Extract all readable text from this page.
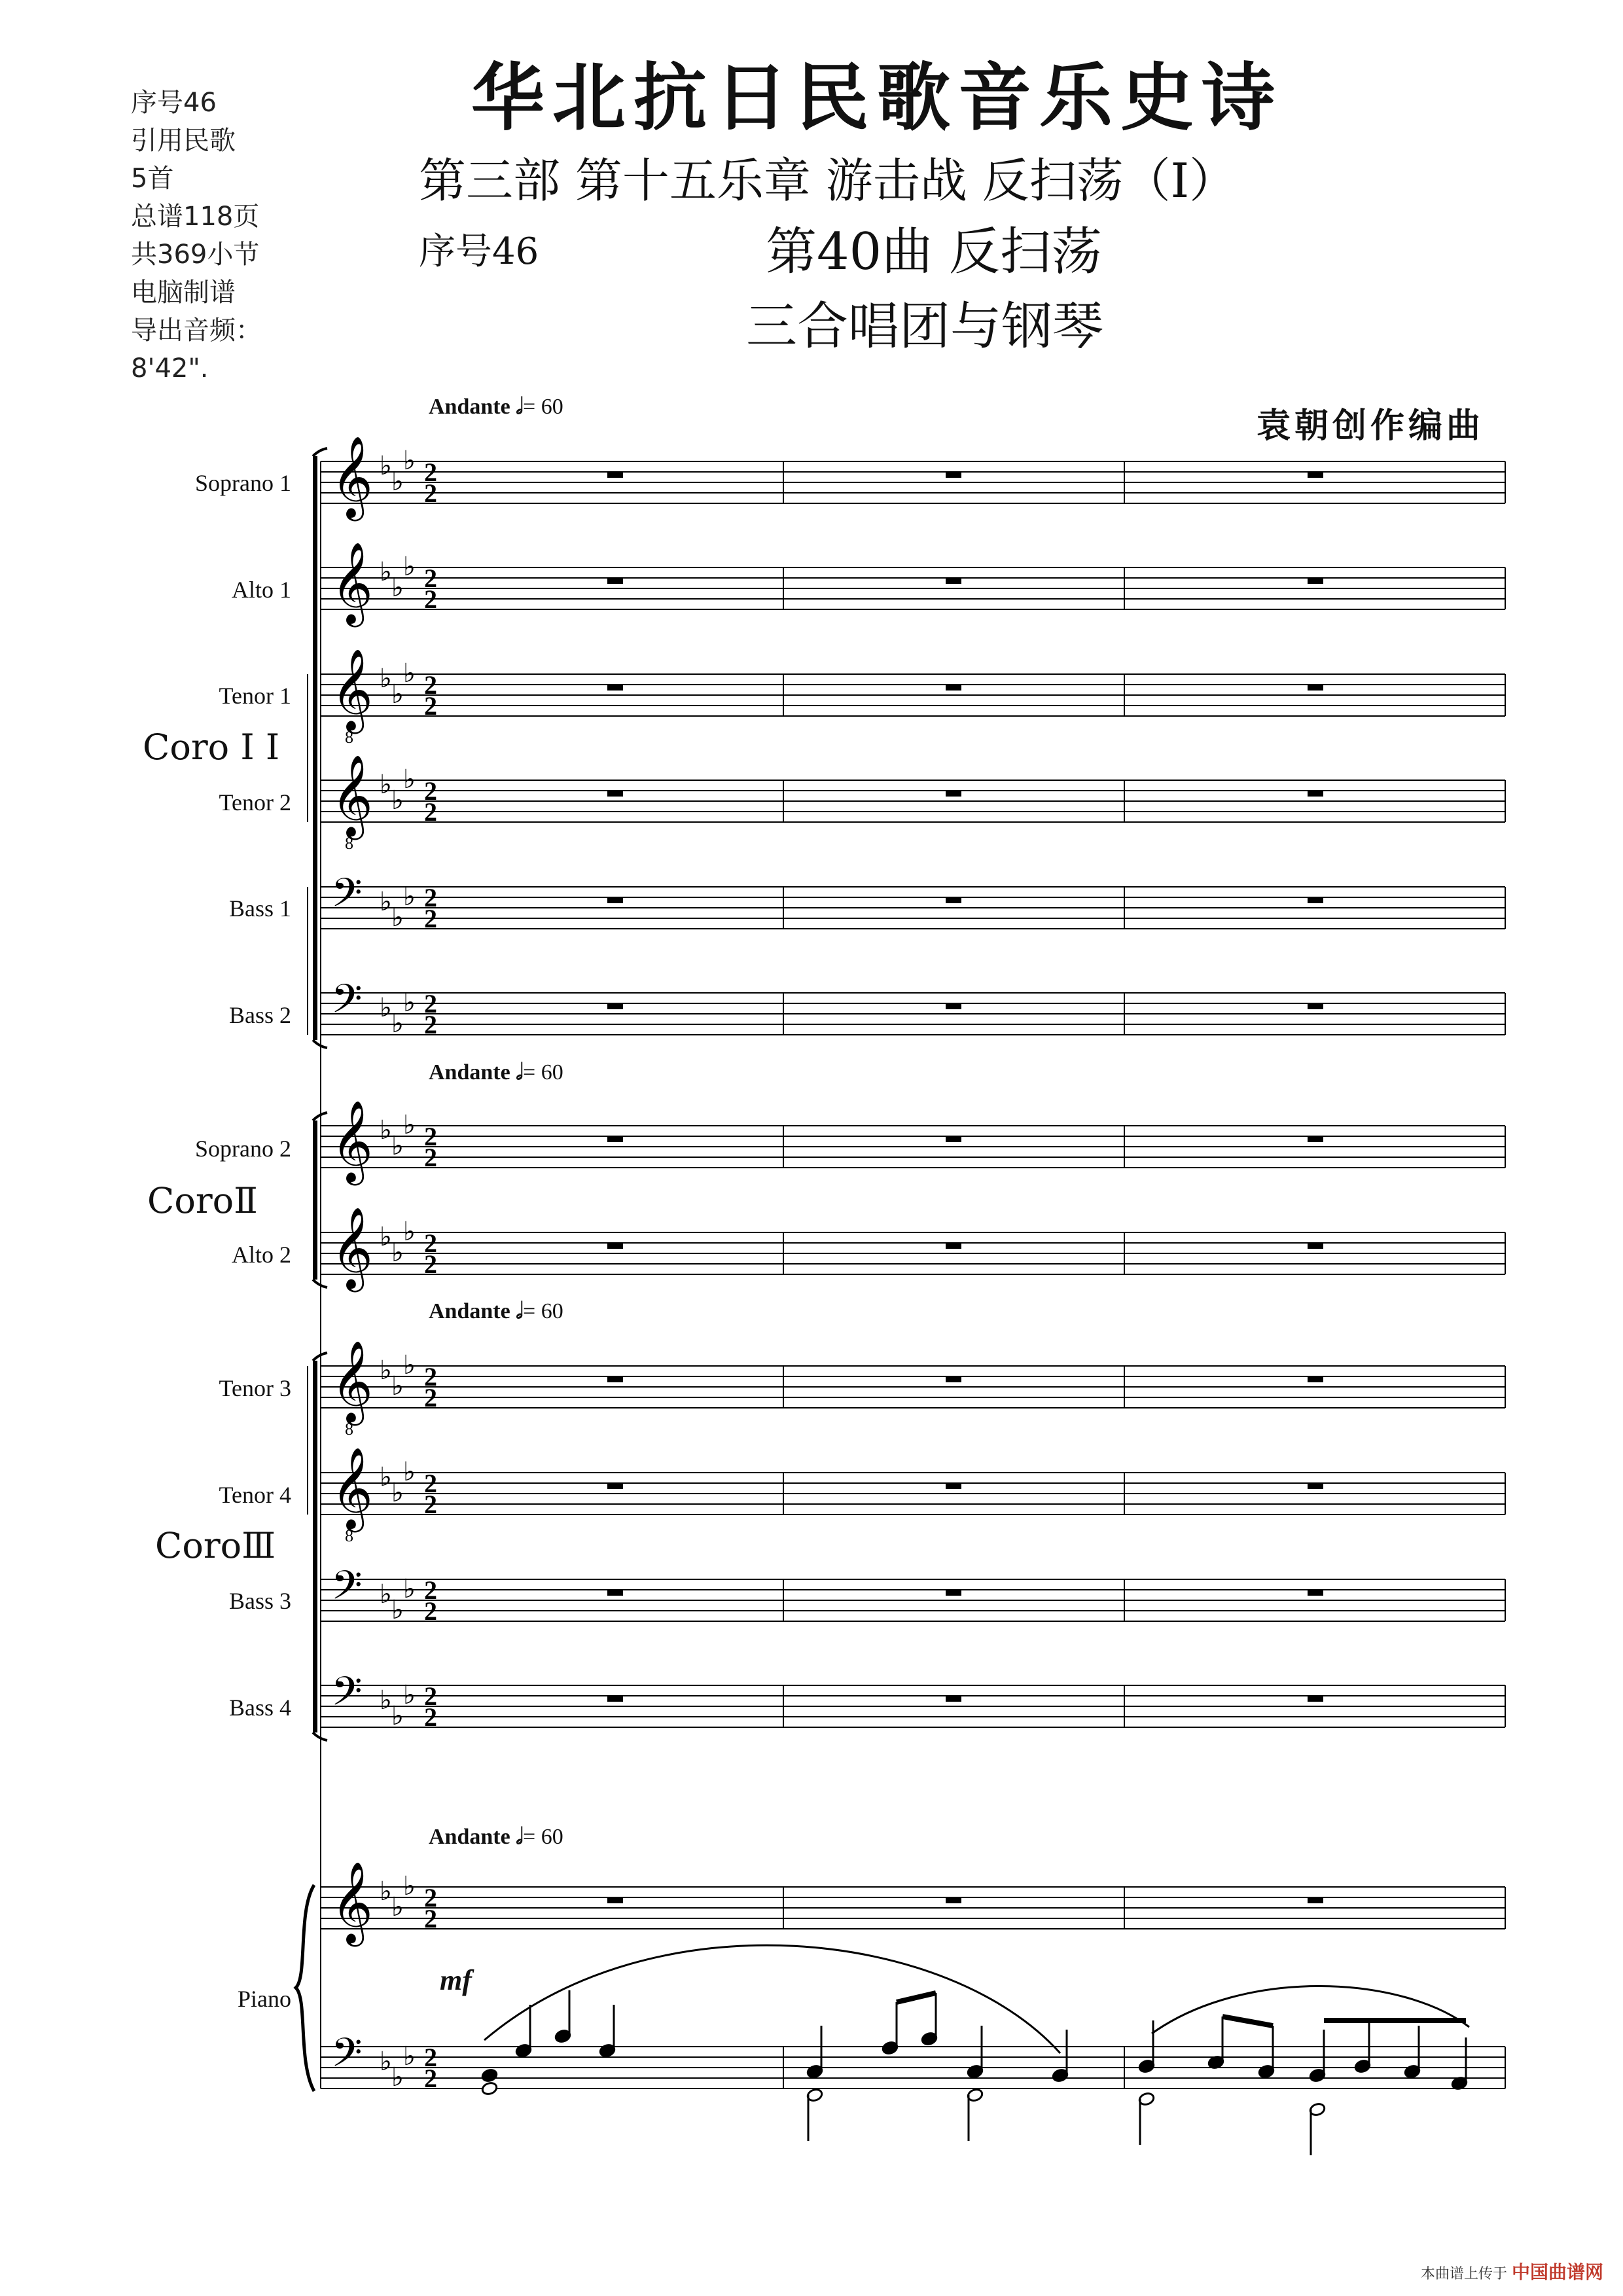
序号46
引用民歌
5首
总谱118页
共369小节
电脑制谱
导出音频：
8'42".
华北抗日民歌音乐史诗
第三部 第十五乐章 游击战 反扫荡（Ⅰ）
序号46	第40曲 反扫荡
三合唱团与钢琴
袁朝创作编曲
Andante 𝅗𝅥= 60
Andante 𝅗𝅥= 60
Andante 𝅗𝅥= 60
Andante 𝅗𝅥= 60
Soprano 1
Alto 1
Tenor 1
Tenor 2
Bass 1
Bass 2
Soprano 2
Alto 2
Tenor 3
Tenor 4
Bass 3
Bass 4
Piano
Coro Ⅰ I
CoroⅡ
CoroⅢ
𝄞 ♭
♭
♭ 2
2
𝄞 ♭
♭
♭ 2
2
𝄞
8
♭
♭
♭ 2
2
𝄞
8
♭
♭
♭ 2
2
𝄢 ♭
♭
♭ 2
2
𝄢 ♭
♭
♭ 2
2
𝄞 ♭
♭
♭ 2
2
𝄞 ♭
♭
♭ 2
2
𝄞
8
♭
♭
♭ 2
2
𝄞
8
♭
♭
♭ 2
2
𝄢 ♭
♭
♭ 2
2
𝄢 ♭
♭
♭ 2
2
𝄞 ♭
♭
♭ 2
2
𝄢 ♭
♭
♭ 2
2
mf
本曲谱上传于 中国曲谱网
